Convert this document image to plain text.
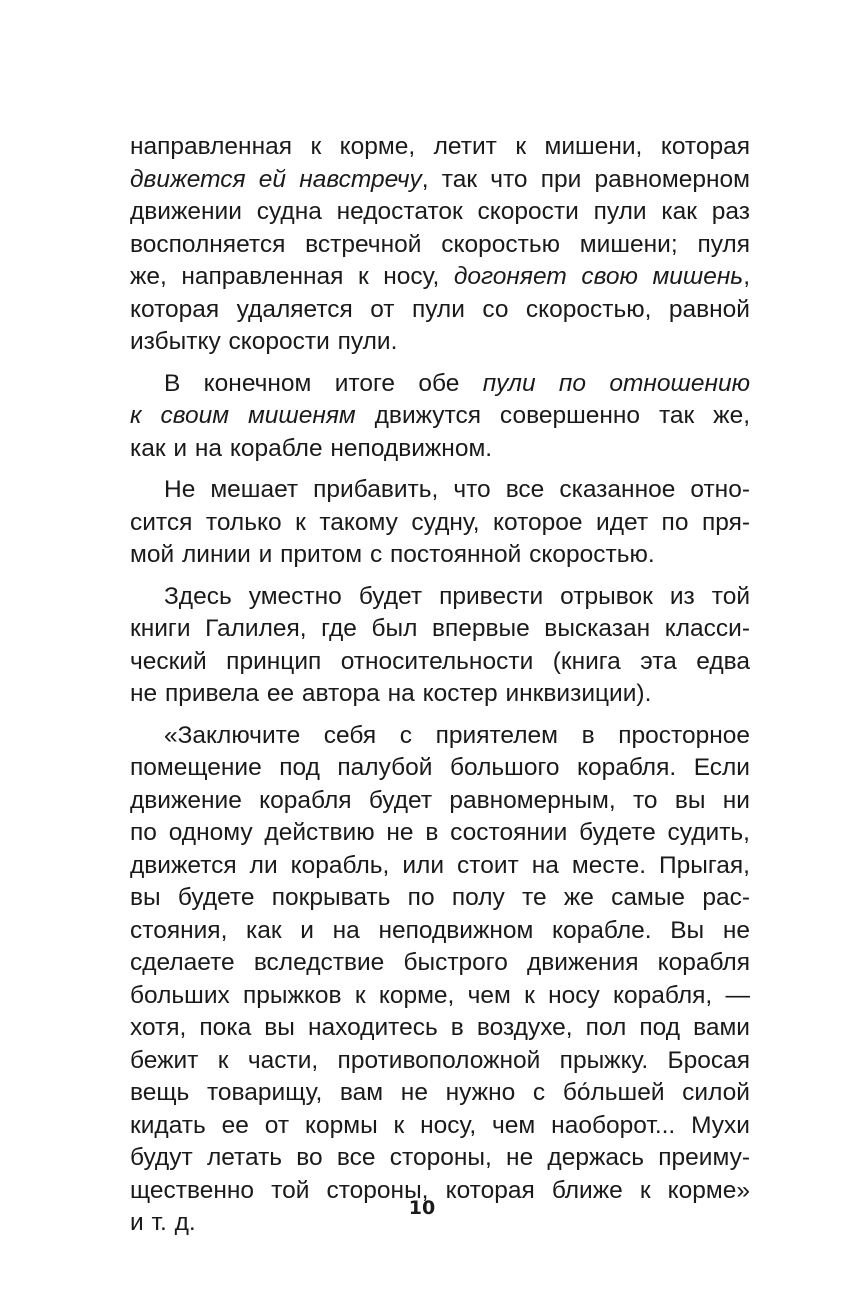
направленная к корме, летит к мишени, которая
движется ей навстречу, так что при равномерном
движении судна недостаток скорости пули как раз
восполняется встречной скоростью мишени; пуля
же, направленная к носу, догоняет свою мишень,
которая удаляется от пули со скоростью, равной
избытку скорости пули.

В конечном итоге обе пули по отношению
к своим мишеням движутся совершенно так же,
как и на корабле неподвижном.

Не мешает прибавить, что все сказанное отно-
сится только к такому судну, которое идет по пря-
мой линии и притом с постоянной скоростью.

Здесь уместно будет привести отрывок из той
книги Галилея, где был впервые высказан класси-
ческий принцип относительности (книга эта едва
не привела ее автора на костер инквизиции).

«Заключите себя с приятелем в просторное
помещение под палубой большого корабля. Если
движение корабля будет равномерным, то вы ни
по одному действию не в состоянии будете судить,
движется ли корабль, или стоит на месте. Прыгая,
вы будете покрывать по полу те же самые рас-
стояния, как и на неподвижном корабле. Вы не
сделаете вследствие быстрого движения корабля
больших прыжков к корме, чем к носу корабля, —
хотя, пока вы находитесь в воздухе, пол под вами
бежит к части, противоположной прыжку. Бросая
вещь товарищу, вам не нужно с бо́льшей силой
кидать ее от кормы к носу, чем наоборот... Мухи
будут летать во все стороны, не держась преиму-
щественно той стороны, которая ближе к корме»
и т. д.

10
